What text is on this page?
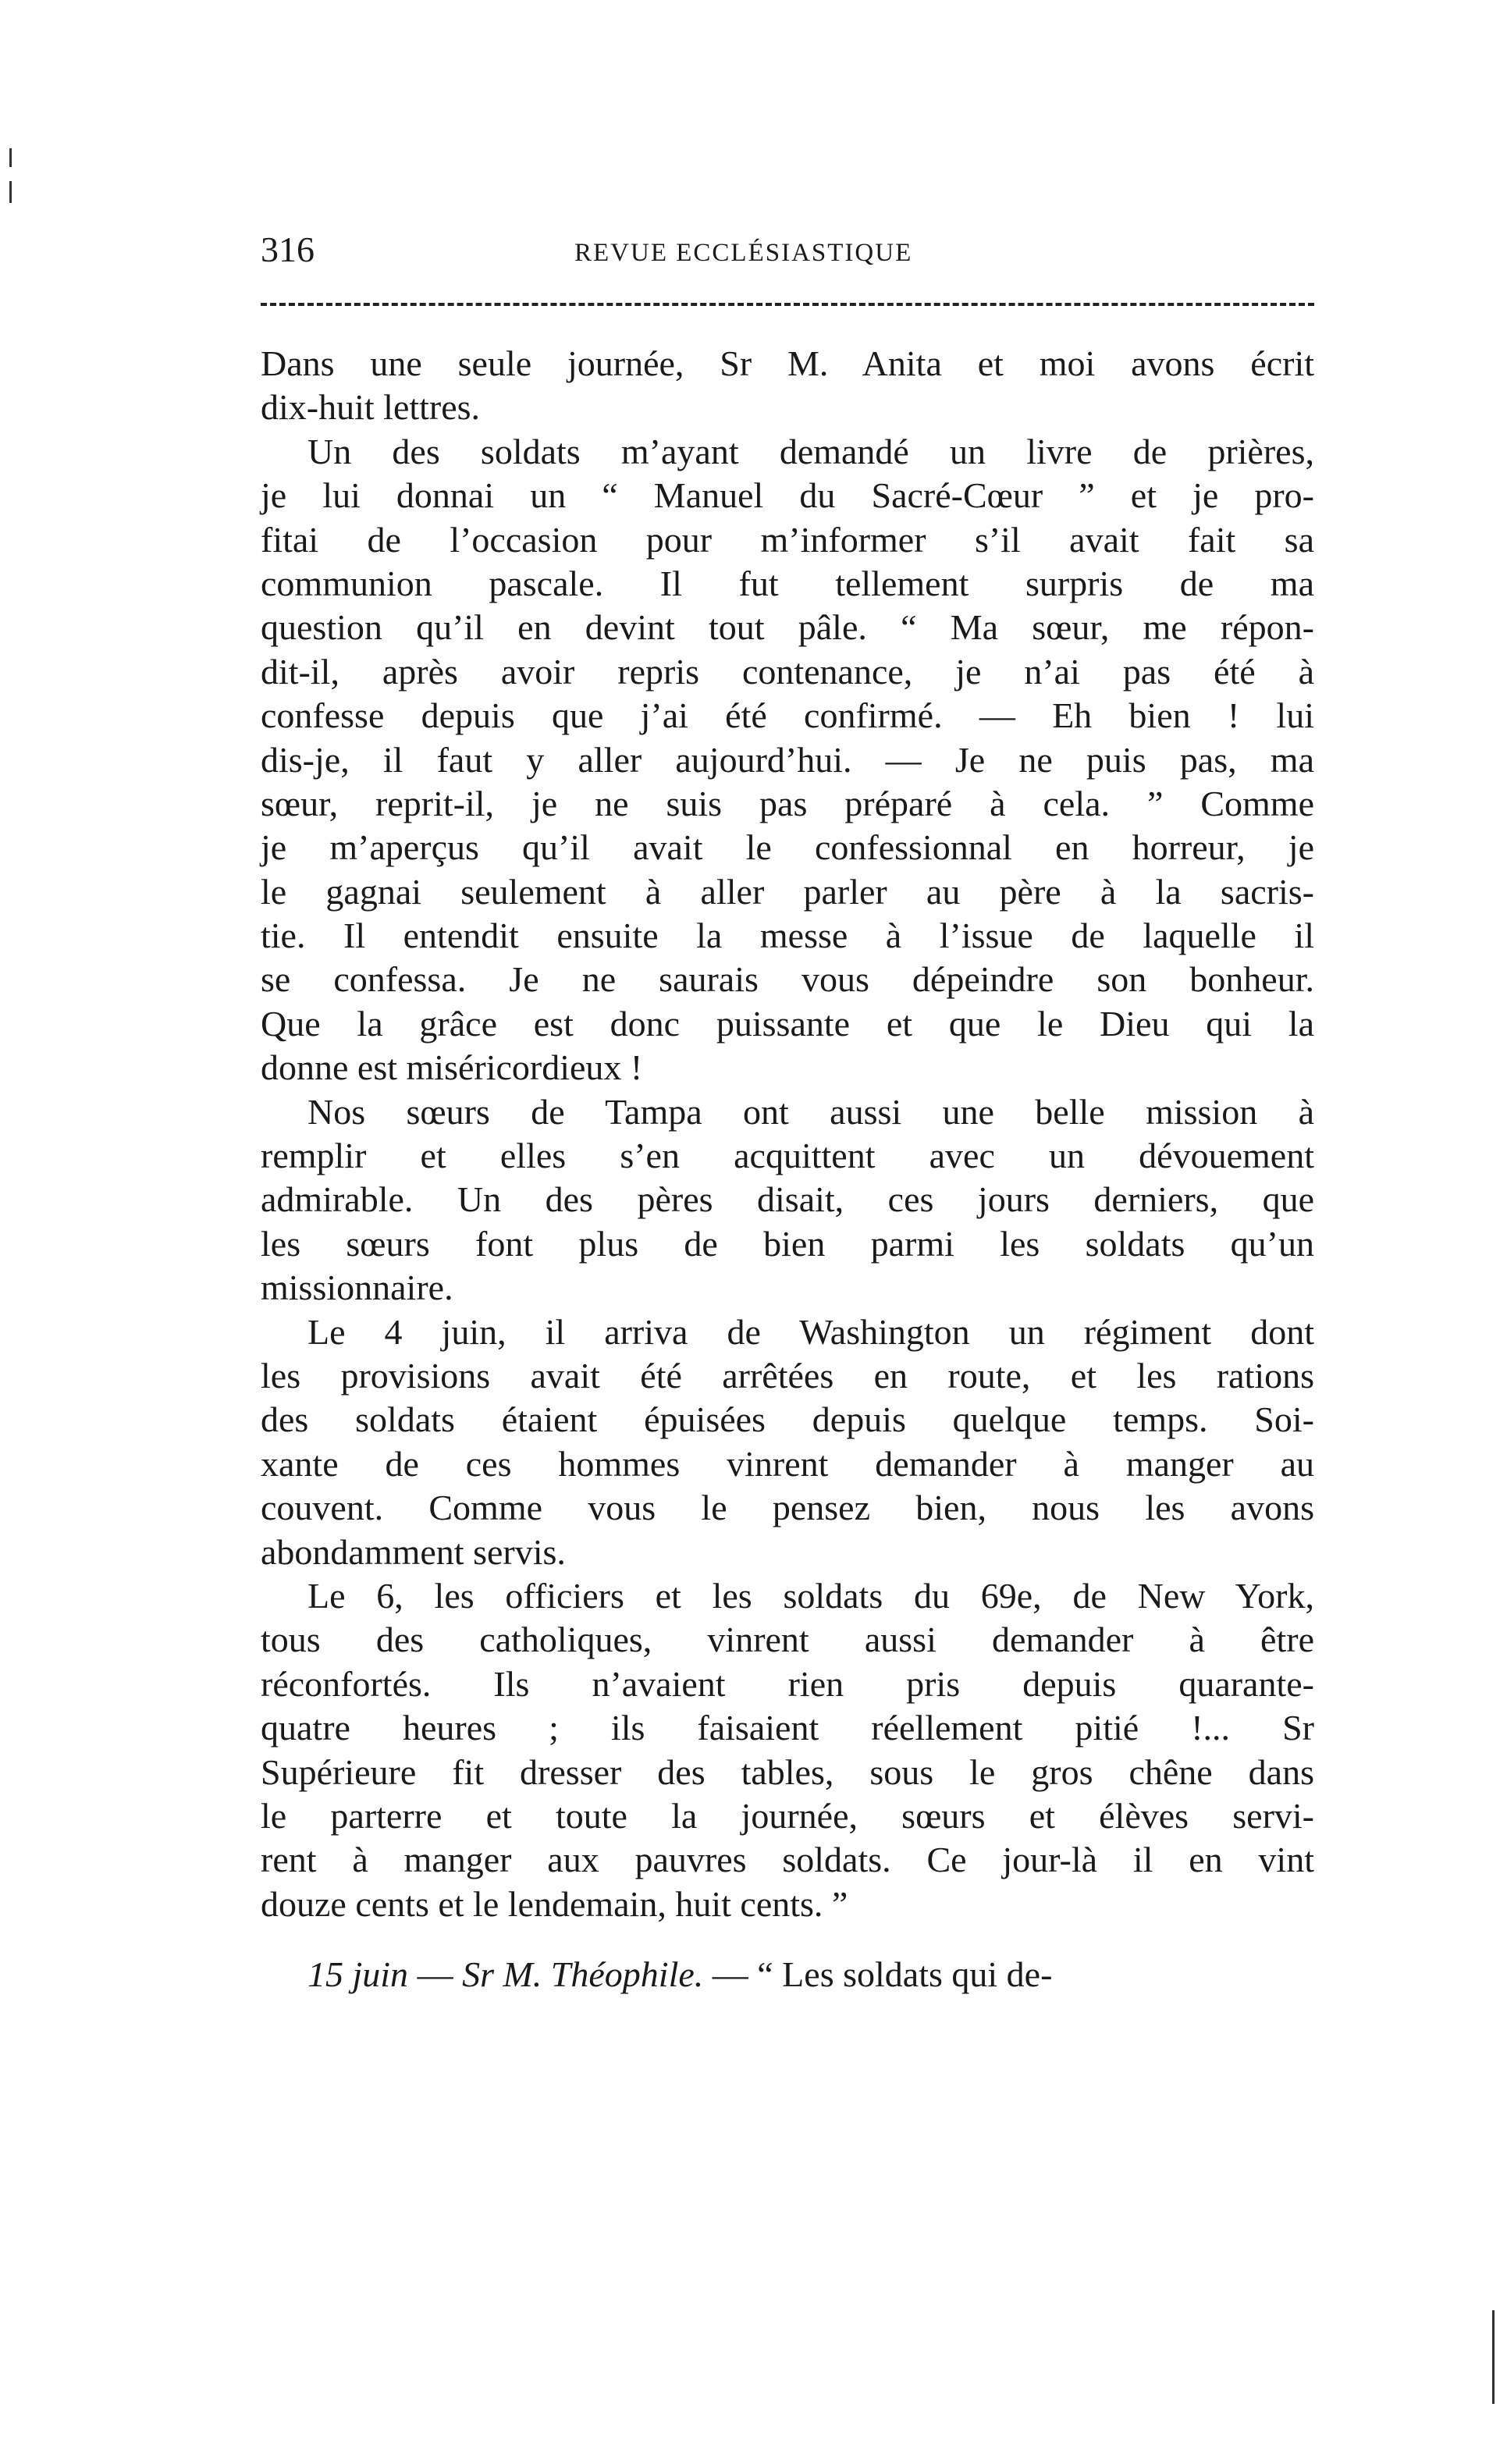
316	REVUE ECCLÉSIASTIQUE
Dans une seule journée, Sr M. Anita et moi avons écrit
dix-huit lettres.
Un des soldats m’ayant demandé un livre de prières,
je lui donnai un “ Manuel du Sacré-Cœur ” et je pro-
fitai de l’occasion pour m’informer s’il avait fait sa
communion pascale. Il fut tellement surpris de ma
question qu’il en devint tout pâle. “ Ma sœur, me répon-
dit-il, après avoir repris contenance, je n’ai pas été à
confesse depuis que j’ai été confirmé. — Eh bien ! lui
dis-je, il faut y aller aujourd’hui. — Je ne puis pas, ma
sœur, reprit-il, je ne suis pas préparé à cela. ” Comme
je m’aperçus qu’il avait le confessionnal en horreur, je
le gagnai seulement à aller parler au père à la sacris-
tie. Il entendit ensuite la messe à l’issue de laquelle il
se confessa. Je ne saurais vous dépeindre son bonheur.
Que la grâce est donc puissante et que le Dieu qui la
donne est miséricordieux !
Nos sœurs de Tampa ont aussi une belle mission à
remplir et elles s’en acquittent avec un dévouement
admirable. Un des pères disait, ces jours derniers, que
les sœurs font plus de bien parmi les soldats qu’un
missionnaire.
Le 4 juin, il arriva de Washington un régiment dont
les provisions avait été arrêtées en route, et les rations
des soldats étaient épuisées depuis quelque temps. Soi-
xante de ces hommes vinrent demander à manger au
couvent. Comme vous le pensez bien, nous les avons
abondamment servis.
Le 6, les officiers et les soldats du 69e, de New York,
tous des catholiques, vinrent aussi demander à être
réconfortés. Ils n’avaient rien pris depuis quarante-
quatre heures ; ils faisaient réellement pitié !... Sr
Supérieure fit dresser des tables, sous le gros chêne dans
le parterre et toute la journée, sœurs et élèves servi-
rent à manger aux pauvres soldats. Ce jour-là il en vint
douze cents et le lendemain, huit cents. ”
15 juin — Sr M. Théophile. — “ Les soldats qui de-
